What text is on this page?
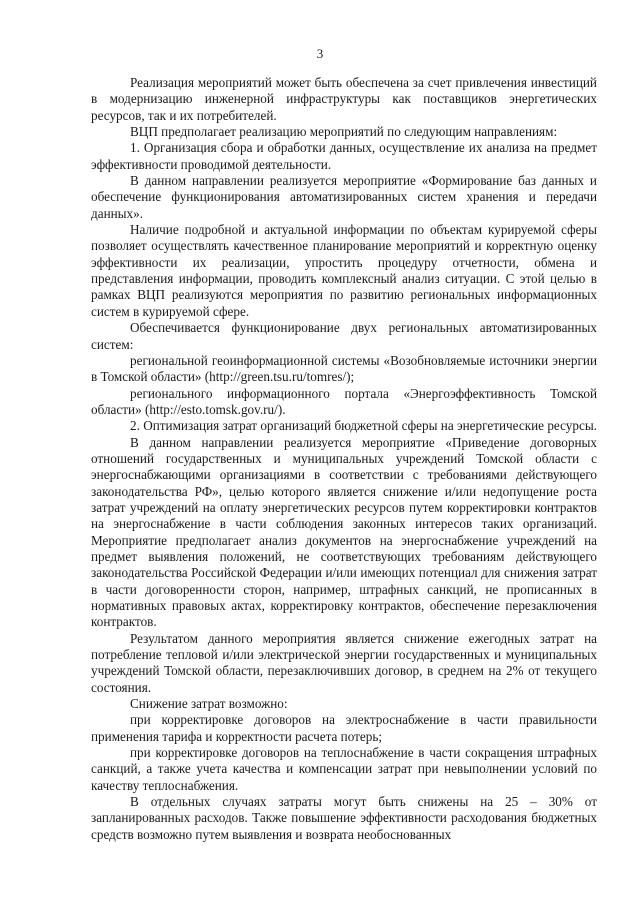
3

Реализация мероприятий может быть обеспечена за счет привлечения инвестиций в модернизацию инженерной инфраструктуры как поставщиков энергетических ресурсов, так и их потребителей.

ВЦП предполагает реализацию мероприятий по следующим направлениям:

1. Организация сбора и обработки данных, осуществление их анализа на предмет эффективности проводимой деятельности.

В данном направлении реализуется мероприятие «Формирование баз данных и обеспечение функционирования автоматизированных систем хранения и передачи данных».

Наличие подробной и актуальной информации по объектам курируемой сферы позволяет осуществлять качественное планирование мероприятий и корректную оценку эффективности их реализации, упростить процедуру отчетности, обмена и представления информации, проводить комплексный анализ ситуации. С этой целью в рамках ВЦП реализуются мероприятия по развитию региональных информационных систем в курируемой сфере.

Обеспечивается функционирование двух региональных автоматизированных систем:

региональной геоинформационной системы «Возобновляемые источники энергии в Томской области» (http://green.tsu.ru/tomres/);

регионального информационного портала «Энергоэффективность Томской области» (http://esto.tomsk.gov.ru/).

2. Оптимизация затрат организаций бюджетной сферы на энергетические ресурсы.

В данном направлении реализуется мероприятие «Приведение договорных отношений государственных и муниципальных учреждений Томской области с энергоснабжающими организациями в соответствии с требованиями действующего законодательства РФ», целью которого является снижение и/или недопущение роста затрат учреждений на оплату энергетических ресурсов путем корректировки контрактов на энергоснабжение в части соблюдения законных интересов таких организаций. Мероприятие предполагает анализ документов на энергоснабжение учреждений на предмет выявления положений, не соответствующих требованиям действующего законодательства Российской Федерации и/или имеющих потенциал для снижения затрат в части договоренности сторон, например, штрафных санкций, не прописанных в нормативных правовых актах, корректировку контрактов, обеспечение перезаключения контрактов.

Результатом данного мероприятия является снижение ежегодных затрат на потребление тепловой и/или электрической энергии государственных и муниципальных учреждений Томской области, перезаключивших договор, в среднем на 2% от текущего состояния.

Снижение затрат возможно:

при корректировке договоров на электроснабжение в части правильности применения тарифа и корректности расчета потерь;

при корректировке договоров на теплоснабжение в части сокращения штрафных санкций, а также учета качества и компенсации затрат при невыполнении условий по качеству теплоснабжения.

В отдельных случаях затраты могут быть снижены на 25 – 30% от запланированных расходов. Также повышение эффективности расходования бюджетных средств возможно путем выявления и возврата необоснованных
